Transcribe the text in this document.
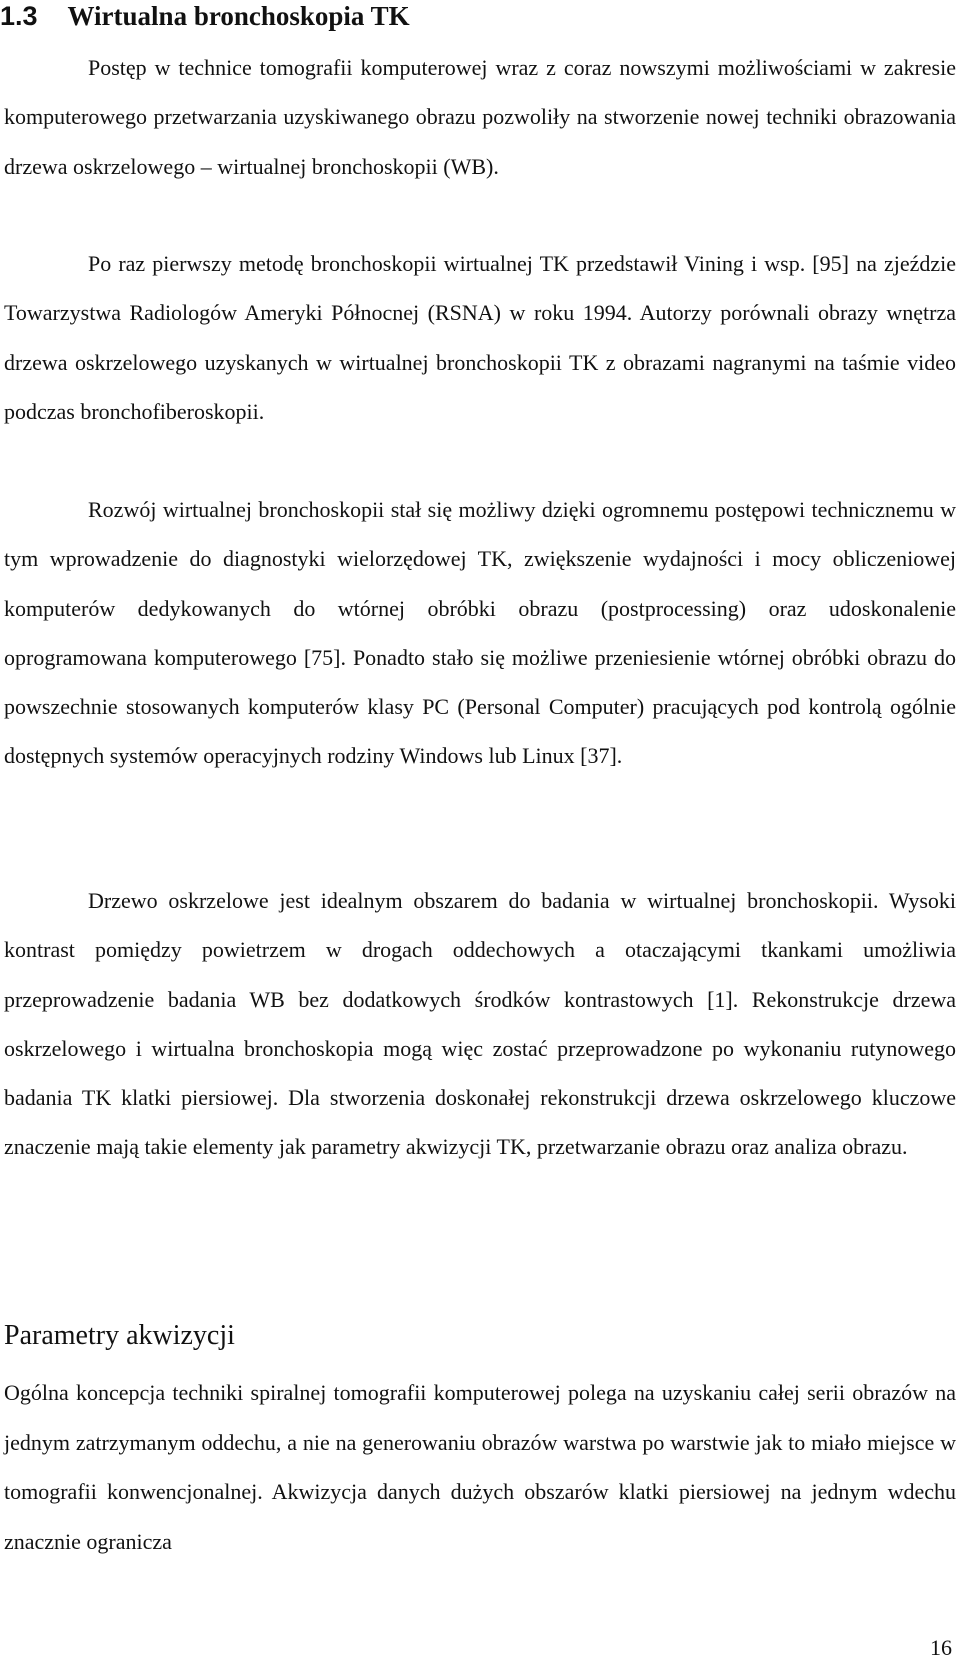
1.3 Wirtualna bronchoskopia TK

Postęp w technice tomografii komputerowej wraz z coraz nowszymi możliwościami w zakresie komputerowego przetwarzania uzyskiwanego obrazu pozwoliły na stworzenie nowej techniki obrazowania drzewa oskrzelowego – wirtualnej bronchoskopii (WB).

Po raz pierwszy metodę bronchoskopii wirtualnej TK przedstawił Vining i wsp. [95] na zjeździe Towarzystwa Radiologów Ameryki Północnej (RSNA) w roku 1994. Autorzy porównali obrazy wnętrza drzewa oskrzelowego uzyskanych w wirtualnej bronchoskopii TK z obrazami nagranymi na taśmie video podczas bronchofiberoskopii.

Rozwój wirtualnej bronchoskopii stał się możliwy dzięki ogromnemu postępowi technicznemu w tym wprowadzenie do diagnostyki wielorzędowej TK, zwiększenie wydajności i mocy obliczeniowej komputerów dedykowanych do wtórnej obróbki obrazu (postprocessing) oraz udoskonalenie oprogramowana komputerowego [75]. Ponadto stało się możliwe przeniesienie wtórnej obróbki obrazu do powszechnie stosowanych komputerów klasy PC (Personal Computer) pracujących pod kontrolą ogólnie dostępnych systemów operacyjnych rodziny Windows lub Linux [37].

Drzewo oskrzelowe jest idealnym obszarem do badania w wirtualnej bronchoskopii. Wysoki kontrast pomiędzy powietrzem w drogach oddechowych a otaczającymi tkankami umożliwia przeprowadzenie badania WB bez dodatkowych środków kontrastowych [1]. Rekonstrukcje drzewa oskrzelowego i wirtualna bronchoskopia mogą więc zostać przeprowadzone po wykonaniu rutynowego badania TK klatki piersiowej. Dla stworzenia doskonałej rekonstrukcji drzewa oskrzelowego kluczowe znaczenie mają takie elementy jak parametry akwizycji TK, przetwarzanie obrazu oraz analiza obrazu.

Parametry akwizycji

Ogólna koncepcja techniki spiralnej tomografii komputerowej polega na uzyskaniu całej serii obrazów na jednym zatrzymanym oddechu, a nie na generowaniu obrazów warstwa po warstwie jak to miało miejsce w tomografii konwencjonalnej. Akwizycja danych dużych obszarów klatki piersiowej na jednym wdechu znacznie ogranicza

16
